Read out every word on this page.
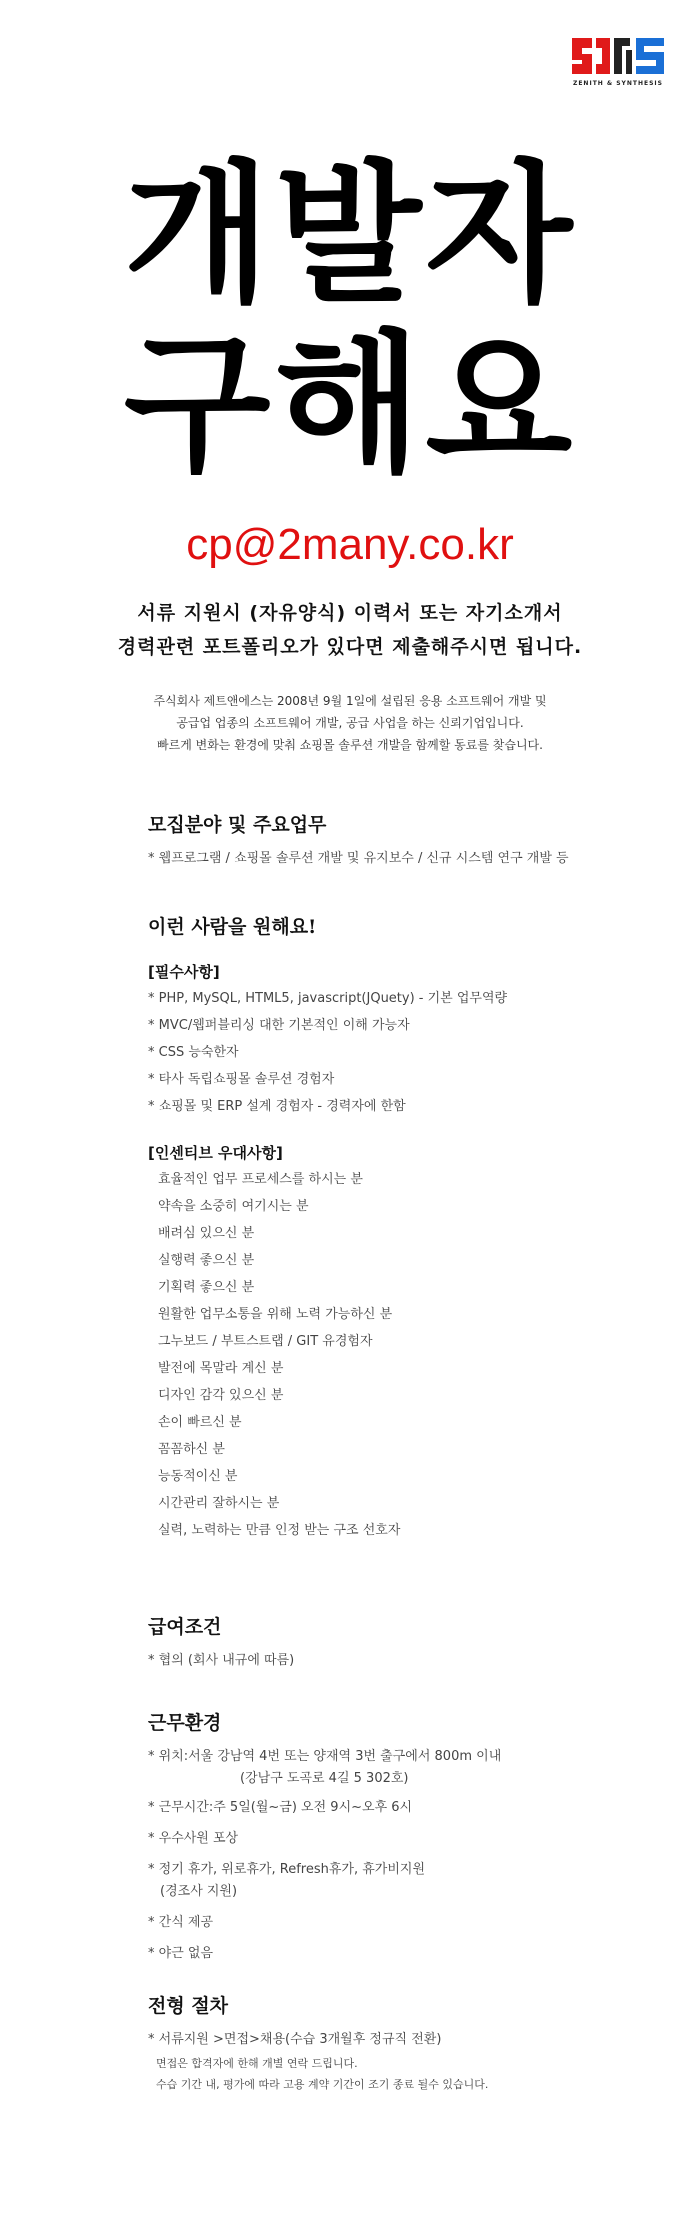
ZENITH & SYNTHESIS
개발자
구해요
cp@2many.co.kr
서류 지원시 (자유양식) 이력서 또는 자기소개서
경력관련 포트폴리오가 있다면 제출해주시면 됩니다.
주식회사 제트앤에스는 2008년 9월 1일에 설립된 응용 소프트웨어 개발 및
공급업 업종의 소프트웨어 개발, 공급 사업을 하는 신뢰기업입니다.
빠르게 변화는 환경에 맞춰 쇼핑몰 솔루션 개발을 함께할 동료를 찾습니다.
모집분야 및 주요업무
* 웹프로그램 / 쇼핑몰 솔루션 개발 및 유지보수 / 신규 시스템 연구 개발 등
이런 사람을 원해요!
[필수사항]
* PHP, MySQL, HTML5, javascript(JQuety) - 기본 업무역량
* MVC/웹퍼블리싱 대한 기본적인 이해 가능자
* CSS 능숙한자
* 타사 독립쇼핑몰 솔루션 경험자
* 쇼핑몰 및 ERP 설계 경험자 - 경력자에 한함
[인센티브 우대사항]
효율적인 업무 프로세스를 하시는 분
약속을 소중히 여기시는 분
배려심 있으신 분
실행력 좋으신 분
기획력 좋으신 분
원활한 업무소통을 위해 노력 가능하신 분
그누보드 / 부트스트랩 / GIT 유경험자
발전에 목말라 계신 분
디자인 감각 있으신 분
손이 빠르신 분
꼼꼼하신 분
능동적이신 분
시간관리 잘하시는 분
실력, 노력하는 만큼 인정 받는 구조 선호자
급여조건
* 협의 (회사 내규에 따름)
근무환경
* 위치:서울 강남역 4번 또는 양재역 3번 출구에서 800m 이내
(강남구 도곡로 4길 5 302호)
* 근무시간:주 5일(월~금) 오전 9시~오후 6시
* 우수사원 포상
* 정기 휴가, 위로휴가, Refresh휴가, 휴가비지원
(경조사 지원)
* 간식 제공
* 야근 없음
전형 절차
* 서류지원 >면접>채용(수습 3개월후 정규직 전환)
면접은 합격자에 한해 개별 연락 드립니다.
수습 기간 내, 평가에 따라 고용 계약 기간이 조기 종료 될수 있습니다.
